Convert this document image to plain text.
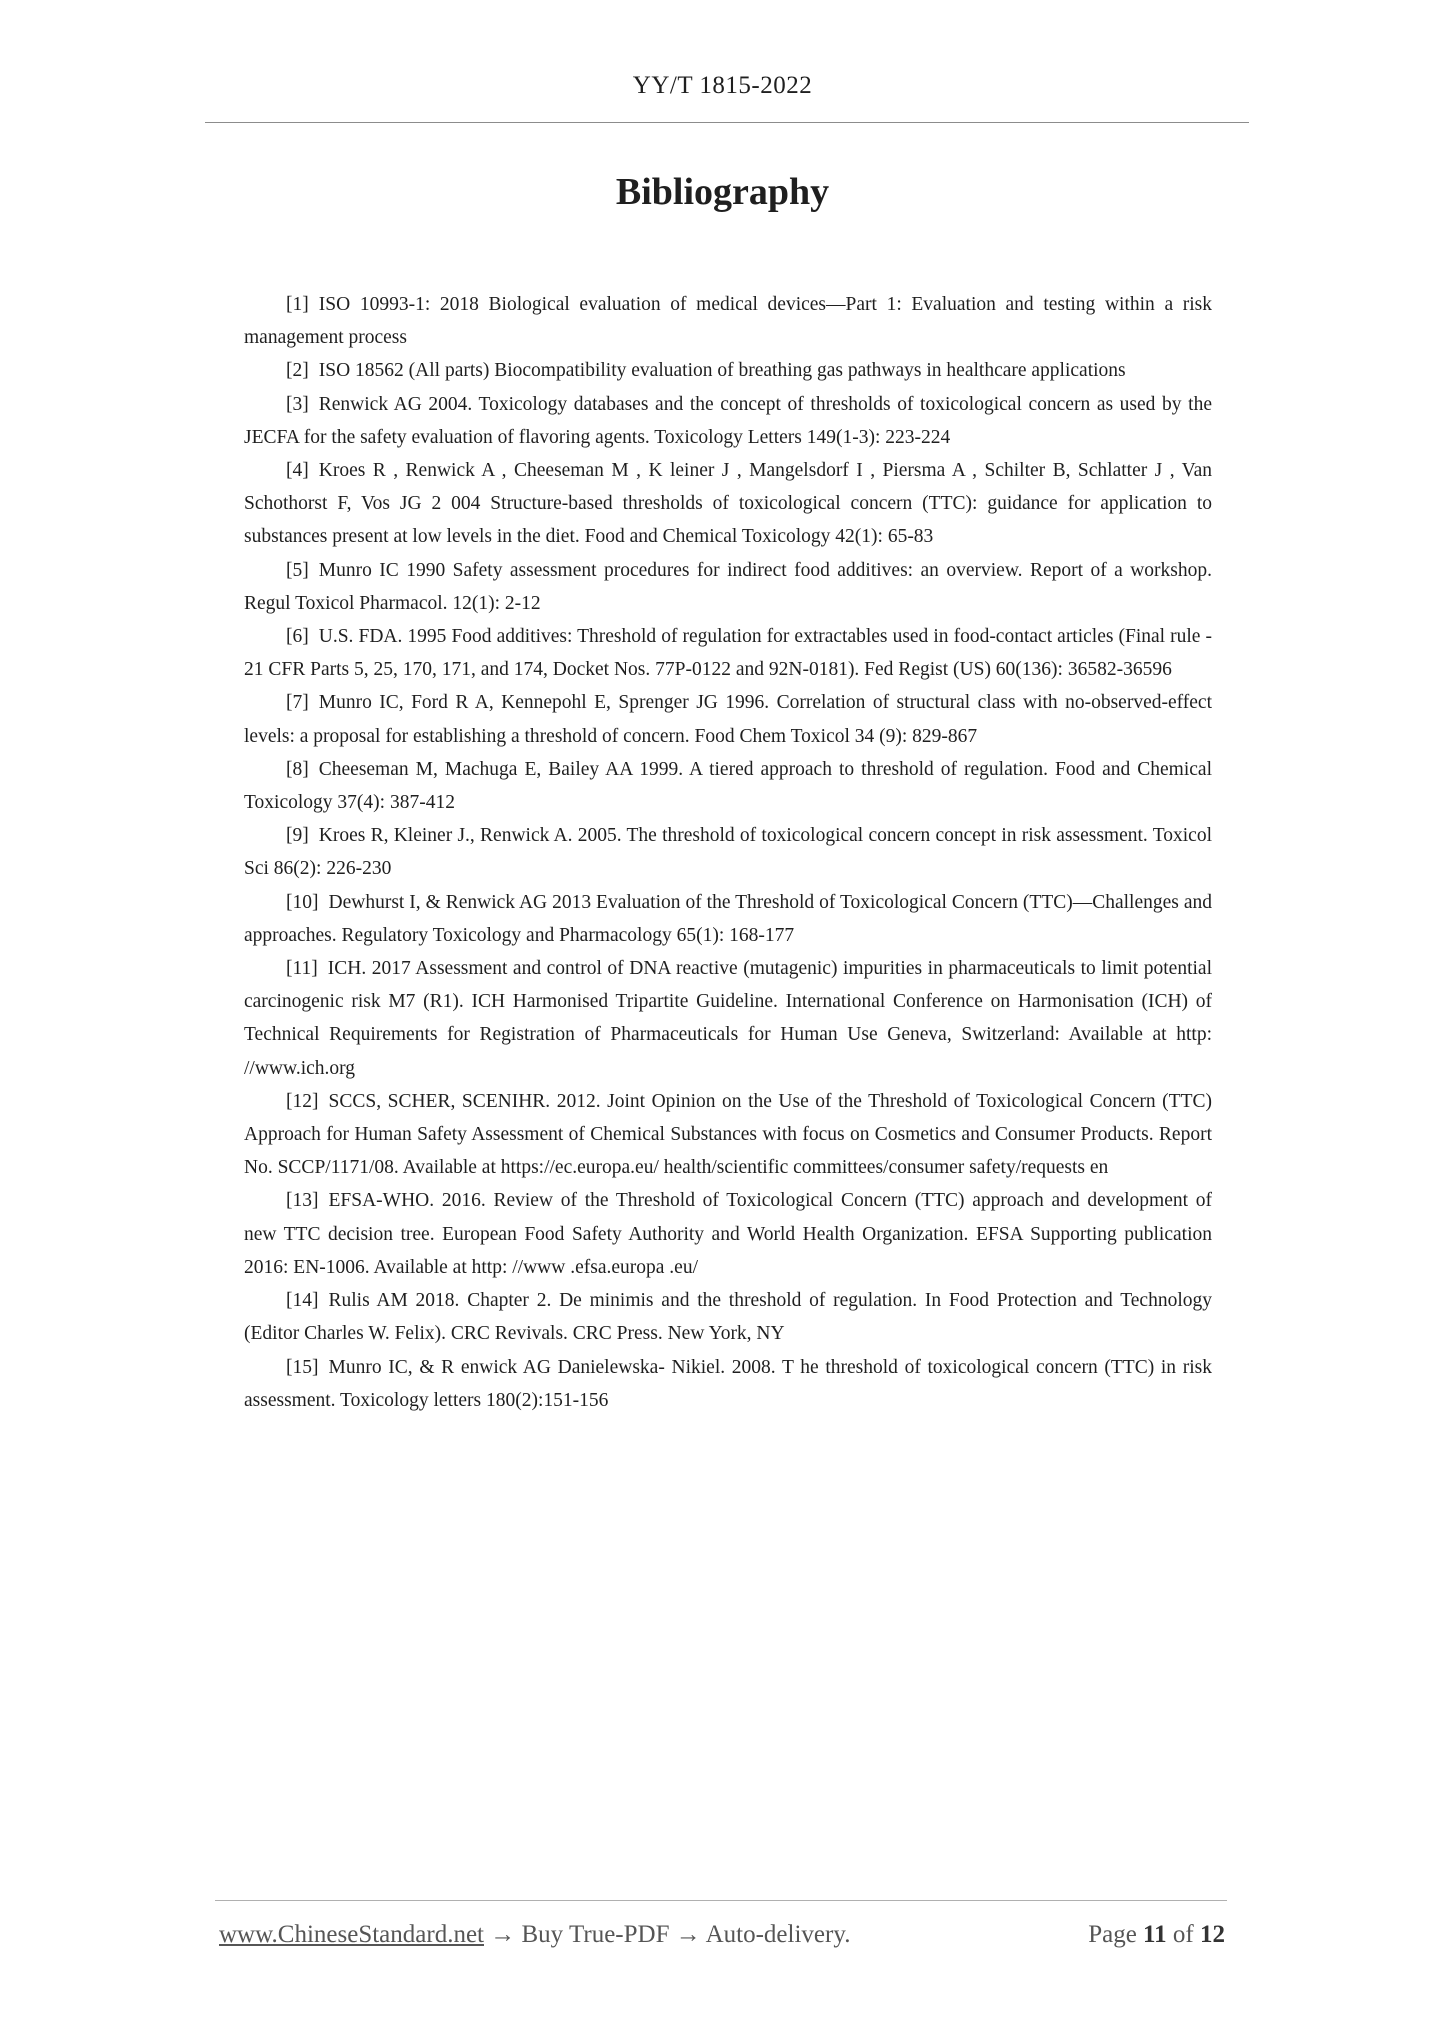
YY/T 1815-2022
Bibliography

[1] ISO 10993-1: 2018 Biological evaluation of medical devices—Part 1: Evaluation and testing within a risk management process

[2] ISO 18562 (All parts) Biocompatibility evaluation of breathing gas pathways in healthcare applications

[3] Renwick AG 2004. Toxicology databases and the concept of thresholds of toxicological concern as used by the JECFA for the safety evaluation of flavoring agents. Toxicology Letters 149(1-3): 223-224

[4] Kroes R , Renwick A , Cheeseman M , K leiner J , Mangelsdorf I , Piersma A , Schilter B, Schlatter J , Van Schothorst F, Vos JG 2 004 Structure-based thresholds of toxicological concern (TTC): guidance for application to substances present at low levels in the diet. Food and Chemical Toxicology 42(1): 65-83

[5] Munro IC 1990 Safety assessment procedures for indirect food additives: an overview. Report of a workshop. Regul Toxicol Pharmacol. 12(1): 2-12

[6] U.S. FDA. 1995 Food additives: Threshold of regulation for extractables used in food-contact articles (Final rule - 21 CFR Parts 5, 25, 170, 171, and 174, Docket Nos. 77P-0122 and 92N-0181). Fed Regist (US) 60(136): 36582-36596

[7] Munro IC, Ford R A, Kennepohl E, Sprenger JG 1996. Correlation of structural class with no-observed-effect levels: a proposal for establishing a threshold of concern. Food Chem Toxicol 34 (9): 829-867

[8] Cheeseman M, Machuga E, Bailey AA 1999. A tiered approach to threshold of regulation. Food and Chemical Toxicology 37(4): 387-412

[9] Kroes R, Kleiner J., Renwick A. 2005. The threshold of toxicological concern concept in risk assessment. Toxicol Sci 86(2): 226-230

[10] Dewhurst I, & Renwick AG 2013 Evaluation of the Threshold of Toxicological Concern (TTC)—Challenges and approaches. Regulatory Toxicology and Pharmacology 65(1): 168-177

[11] ICH. 2017 Assessment and control of DNA reactive (mutagenic) impurities in pharmaceuticals to limit potential carcinogenic risk M7 (R1). ICH Harmonised Tripartite Guideline. International Conference on Harmonisation (ICH) of Technical Requirements for Registration of Pharmaceuticals for Human Use Geneva, Switzerland: Available at http: //www.ich.org

[12] SCCS, SCHER, SCENIHR. 2012. Joint Opinion on the Use of the Threshold of Toxicological Concern (TTC) Approach for Human Safety Assessment of Chemical Substances with focus on Cosmetics and Consumer Products. Report No. SCCP/1171/08. Available at https://ec.europa.eu/ health/scientific committees/consumer safety/requests en

[13] EFSA-WHO. 2016. Review of the Threshold of Toxicological Concern (TTC) approach and development of new TTC decision tree. European Food Safety Authority and World Health Organization. EFSA Supporting publication 2016: EN-1006. Available at http: //www .efsa.europa .eu/

[14] Rulis AM 2018. Chapter 2. De minimis and the threshold of regulation. In Food Protection and Technology (Editor Charles W. Felix). CRC Revivals. CRC Press. New York, NY

[15] Munro IC, & R enwick AG Danielewska- Nikiel. 2008. T he threshold of toxicological concern (TTC) in risk assessment. Toxicology letters 180(2):151-156

www.ChineseStandard.net → Buy True-PDF → Auto-delivery.	Page 11 of 12
